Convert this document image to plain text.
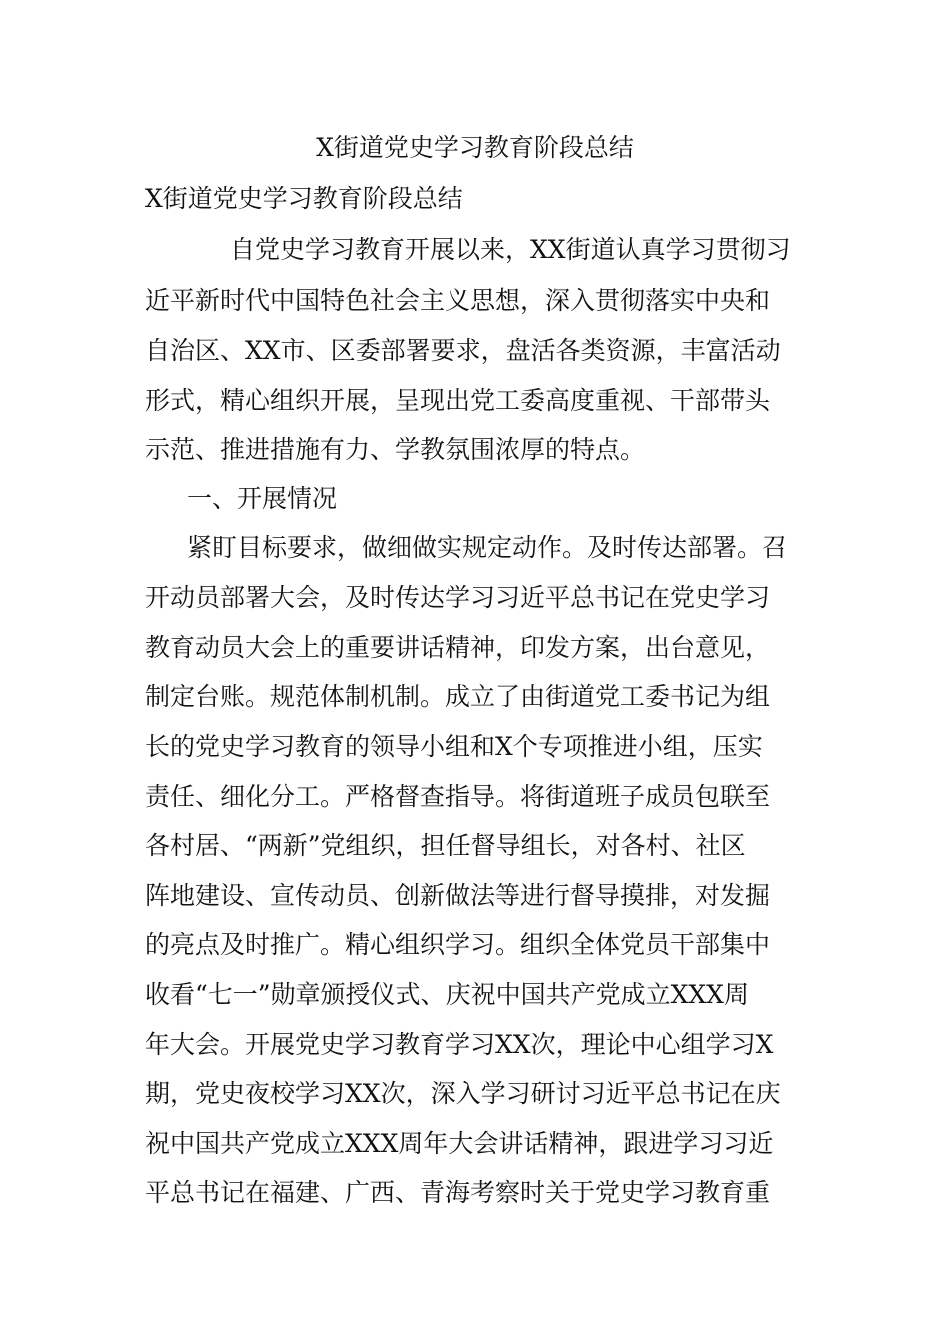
X街道党史学习教育阶段总结
X街道党史学习教育阶段总结
自党史学习教育开展以来，XX街道认真学习贯彻习
近平新时代中国特色社会主义思想，深入贯彻落实中央和
自治区、XX市、区委部署要求，盘活各类资源，丰富活动
形式，精心组织开展，呈现出党工委高度重视、干部带头
示范、推进措施有力、学教氛围浓厚的特点。
一、开展情况
紧盯目标要求，做细做实规定动作。及时传达部署。召
开动员部署大会，及时传达学习习近平总书记在党史学习
教育动员大会上的重要讲话精神，印发方案，出台意见，
制定台账。规范体制机制。成立了由街道党工委书记为组
长的党史学习教育的领导小组和X个专项推进小组，压实
责任、细化分工。严格督查指导。将街道班子成员包联至
各村居、“两新”党组织，担任督导组长，对各村、社区
阵地建设、宣传动员、创新做法等进行督导摸排，对发掘
的亮点及时推广。精心组织学习。组织全体党员干部集中
收看“七一”勋章颁授仪式、庆祝中国共产党成立XXX周
年大会。开展党史学习教育学习XX次，理论中心组学习X
期，党史夜校学习XX次，深入学习研讨习近平总书记在庆
祝中国共产党成立XXX周年大会讲话精神，跟进学习习近
平总书记在福建、广西、青海考察时关于党史学习教育重
